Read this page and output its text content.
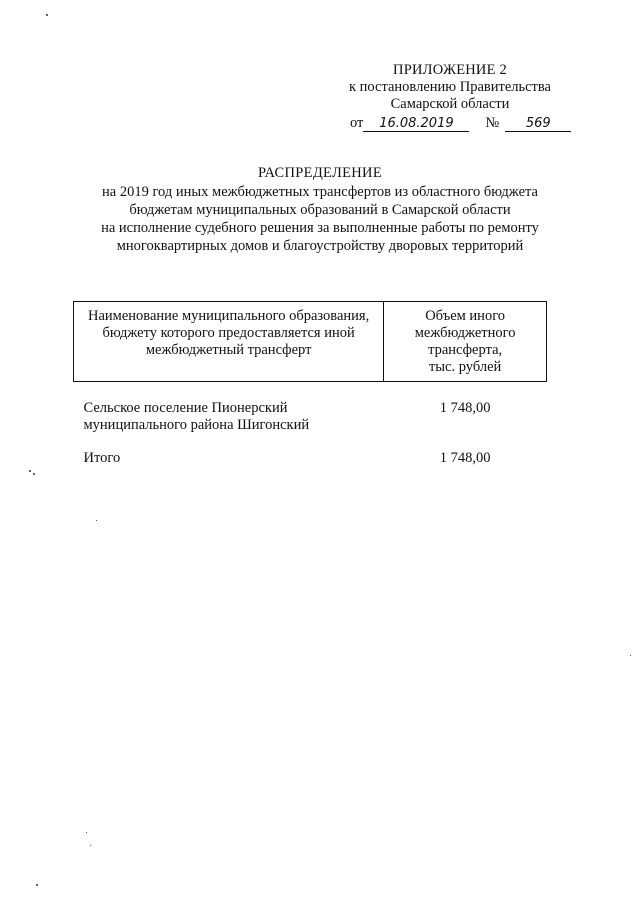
ПРИЛОЖЕНИЕ 2
к постановлению Правительства
Самарской области
от 16.08.2019 № 569
РАСПРЕДЕЛЕНИЕ
на 2019 год иных межбюджетных трансфертов из областного бюджета
бюджетам муниципальных образований в Самарской области
на исполнение судебного решения за выполненные работы по ремонту
многоквартирных домов и благоустройству дворовых территорий
Наименование муниципального образования,
бюджету которого предоставляется иной
межбюджетный трансферт	Объем иного
межбюджетного
трансферта,
тыс. рублей

Сельское поселение Пионерский
муниципального района Шигонский	1 748,00

Итого	1 748,00
